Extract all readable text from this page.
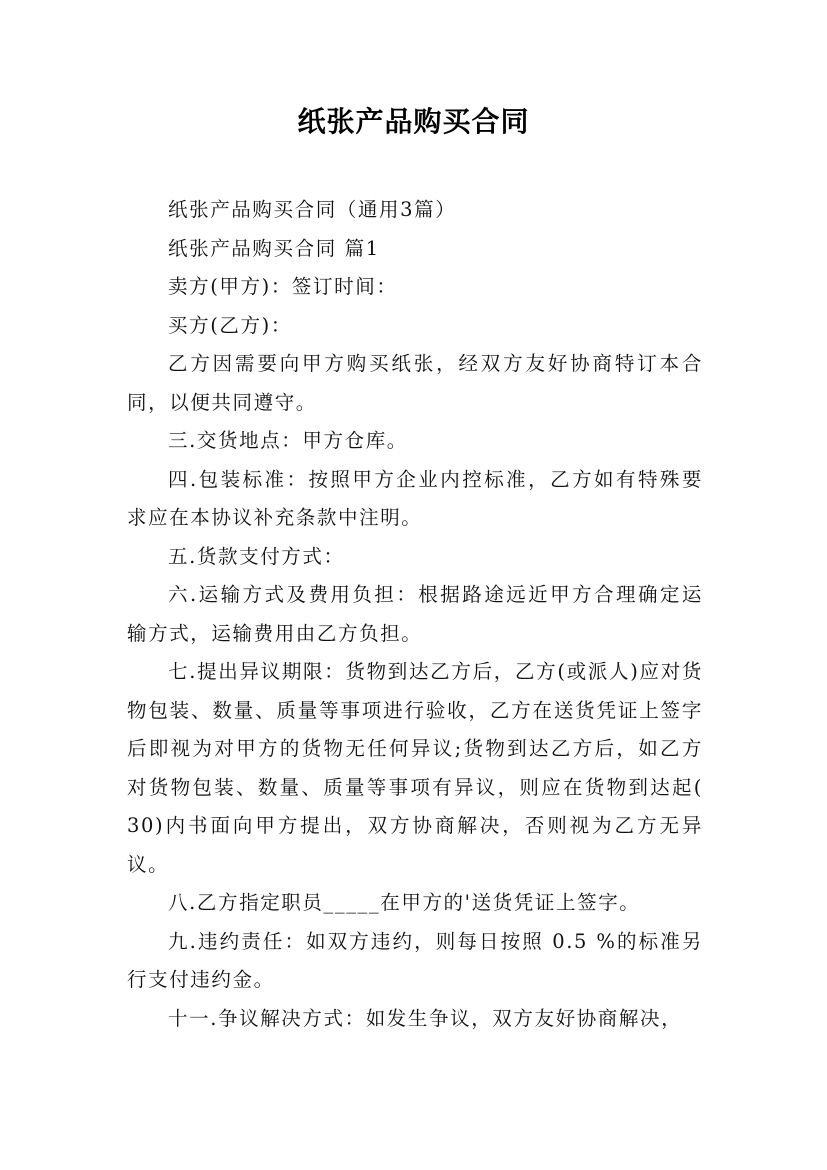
纸张产品购买合同

纸张产品购买合同（通用3篇）

纸张产品购买合同 篇1

卖方(甲方)：签订时间：

买方(乙方)：

乙方因需要向甲方购买纸张，经双方友好协商特订本合同，以便共同遵守。

三.交货地点：甲方仓库。

四.包装标准：按照甲方企业内控标准，乙方如有特殊要求应在本协议补充条款中注明。

五.货款支付方式：

六.运输方式及费用负担：根据路途远近甲方合理确定运输方式，运输费用由乙方负担。

七.提出异议期限：货物到达乙方后，乙方(或派人)应对货物包装、数量、质量等事项进行验收，乙方在送货凭证上签字后即视为对甲方的货物无任何异议;货物到达乙方后，如乙方对货物包装、数量、质量等事项有异议，则应在货物到达起( 30)内书面向甲方提出，双方协商解决，否则视为乙方无异议。

八.乙方指定职员_____在甲方的'送货凭证上签字。

九.违约责任：如双方违约，则每日按照 0.5 %的标准另行支付违约金。

十一.争议解决方式：如发生争议，双方友好协商解决，
